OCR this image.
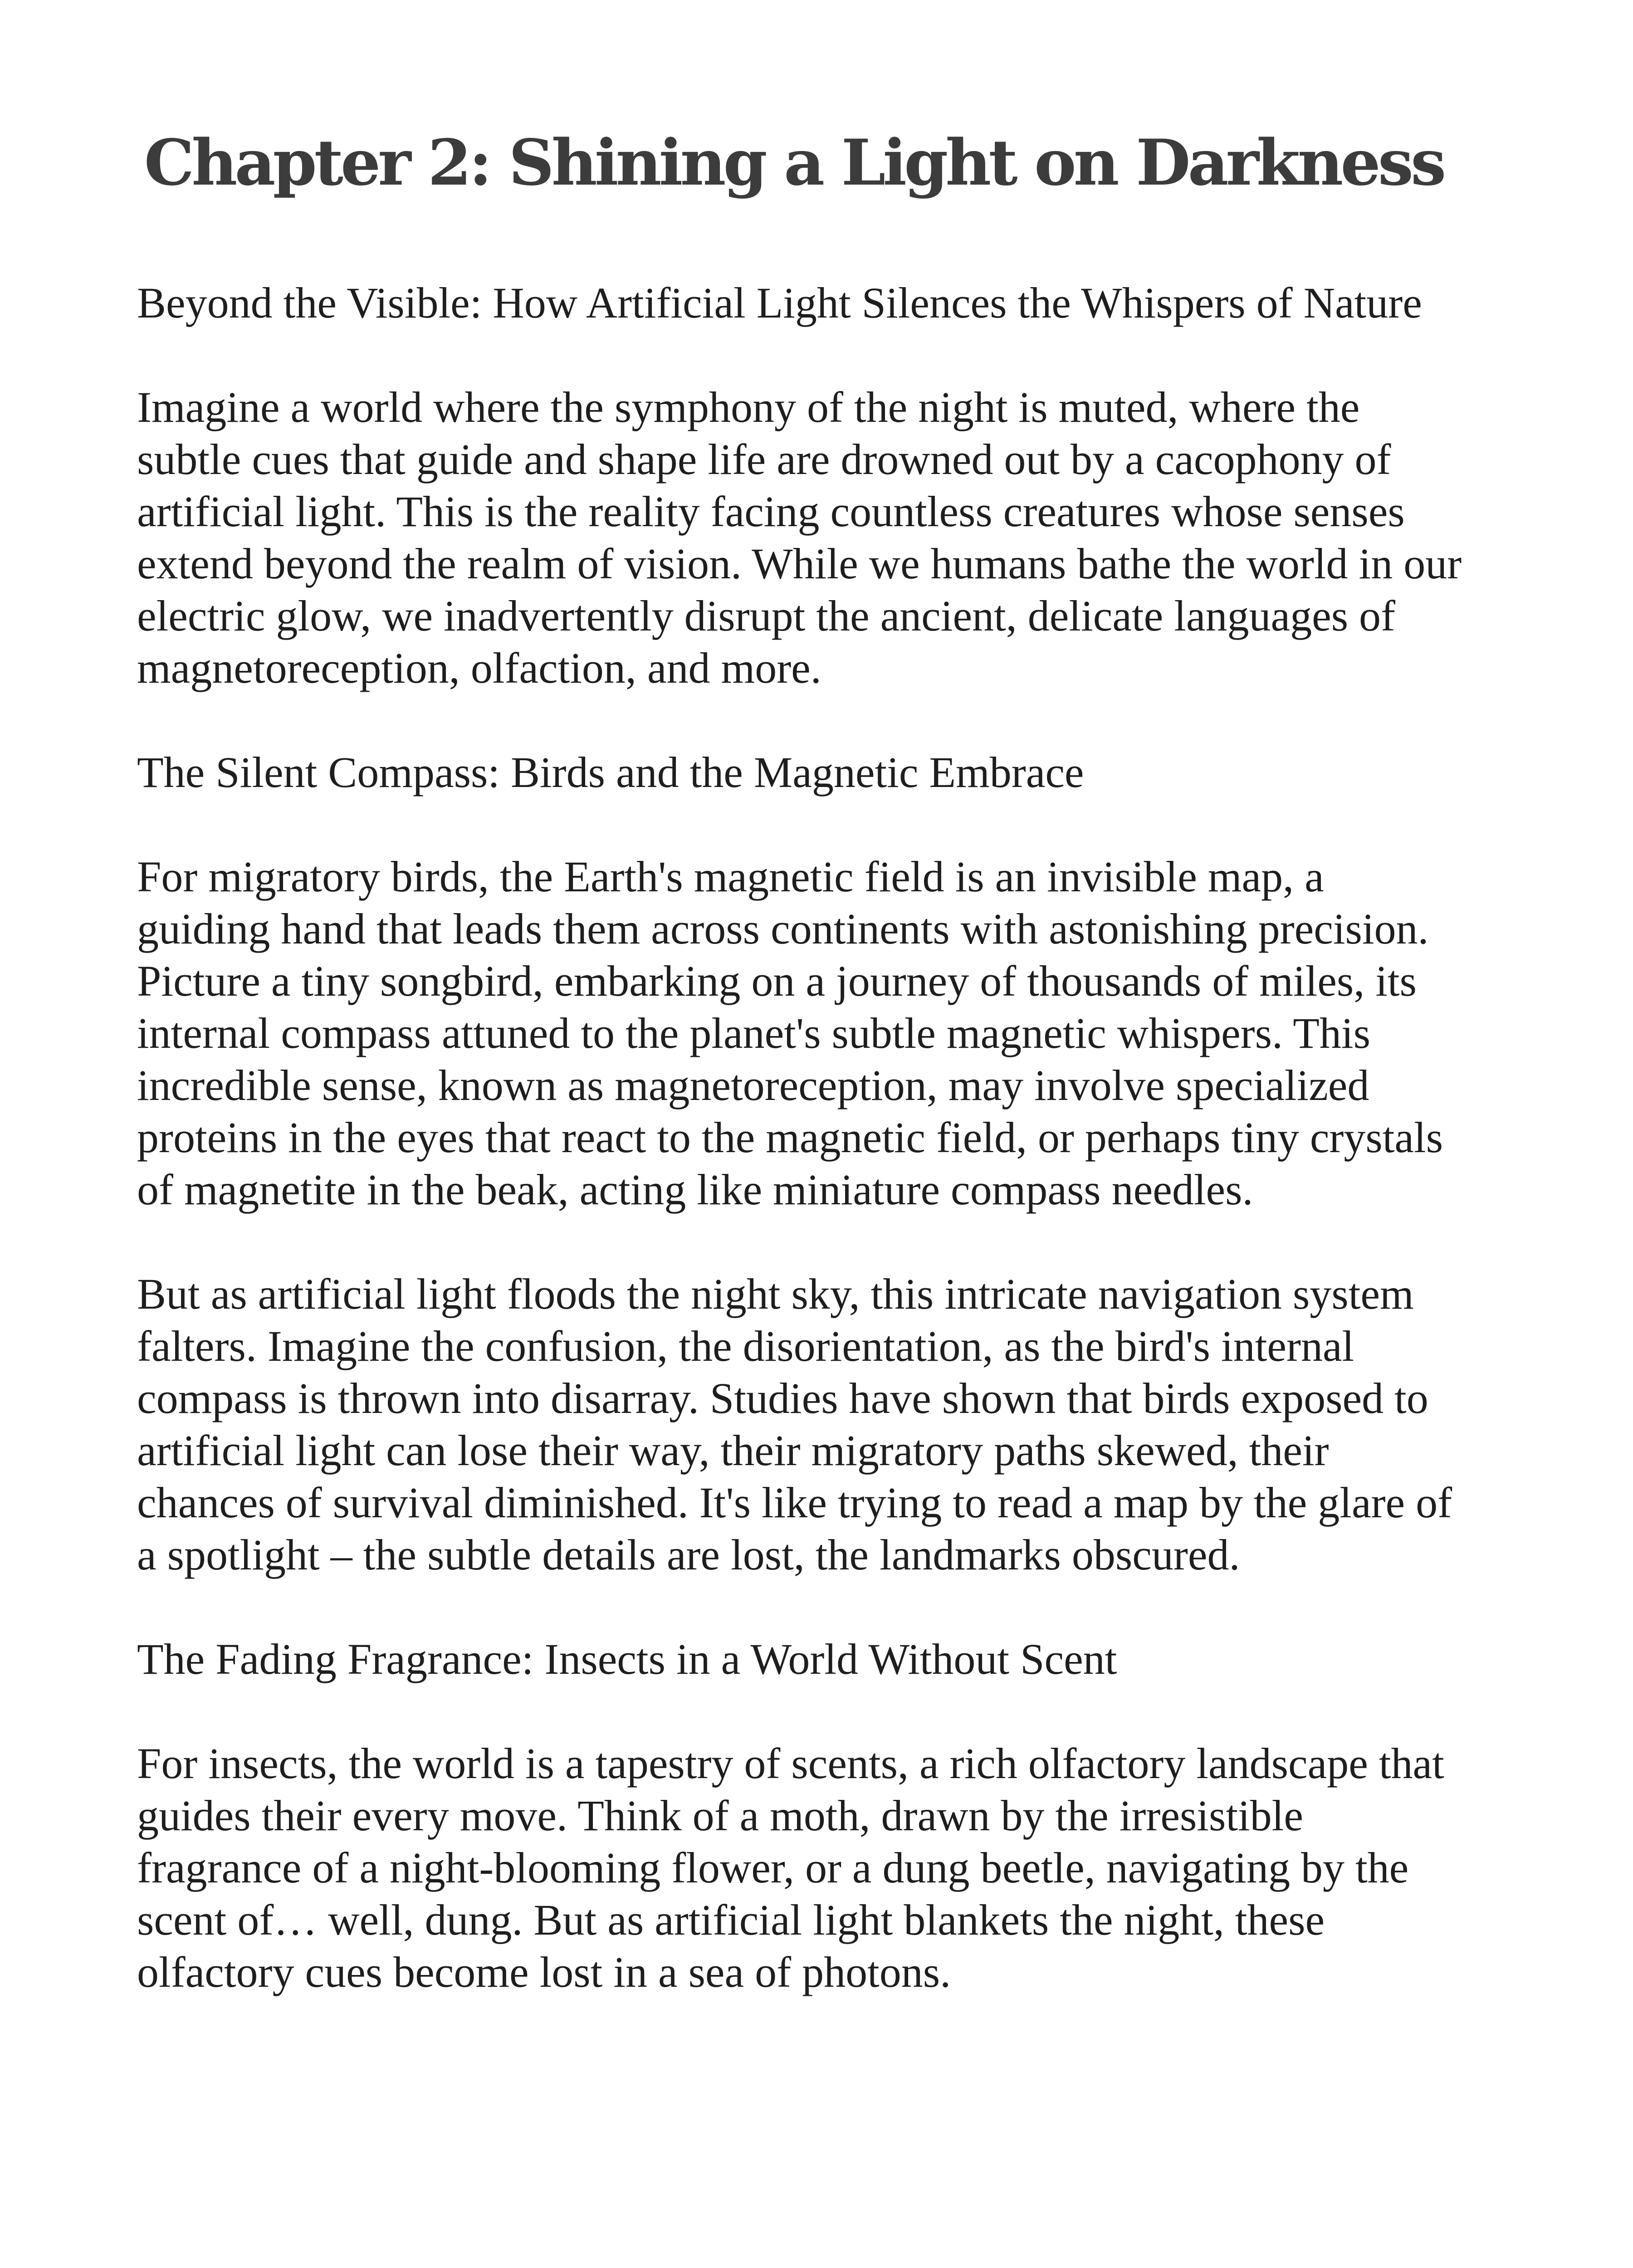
Chapter 2: Shining a Light on Darkness

Beyond the Visible: How Artificial Light Silences the Whispers of Nature

Imagine a world where the symphony of the night is muted, where the subtle cues that guide and shape life are drowned out by a cacophony of artificial light. This is the reality facing countless creatures whose senses extend beyond the realm of vision. While we humans bathe the world in our electric glow, we inadvertently disrupt the ancient, delicate languages of magnetoreception, olfaction, and more.

The Silent Compass: Birds and the Magnetic Embrace

For migratory birds, the Earth's magnetic field is an invisible map, a guiding hand that leads them across continents with astonishing precision. Picture a tiny songbird, embarking on a journey of thousands of miles, its internal compass attuned to the planet's subtle magnetic whispers. This incredible sense, known as magnetoreception, may involve specialized proteins in the eyes that react to the magnetic field, or perhaps tiny crystals of magnetite in the beak, acting like miniature compass needles.

But as artificial light floods the night sky, this intricate navigation system falters. Imagine the confusion, the disorientation, as the bird's internal compass is thrown into disarray. Studies have shown that birds exposed to artificial light can lose their way, their migratory paths skewed, their chances of survival diminished. It's like trying to read a map by the glare of a spotlight – the subtle details are lost, the landmarks obscured.

The Fading Fragrance: Insects in a World Without Scent

For insects, the world is a tapestry of scents, a rich olfactory landscape that guides their every move. Think of a moth, drawn by the irresistible fragrance of a night-blooming flower, or a dung beetle, navigating by the scent of… well, dung. But as artificial light blankets the night, these olfactory cues become lost in a sea of photons.
